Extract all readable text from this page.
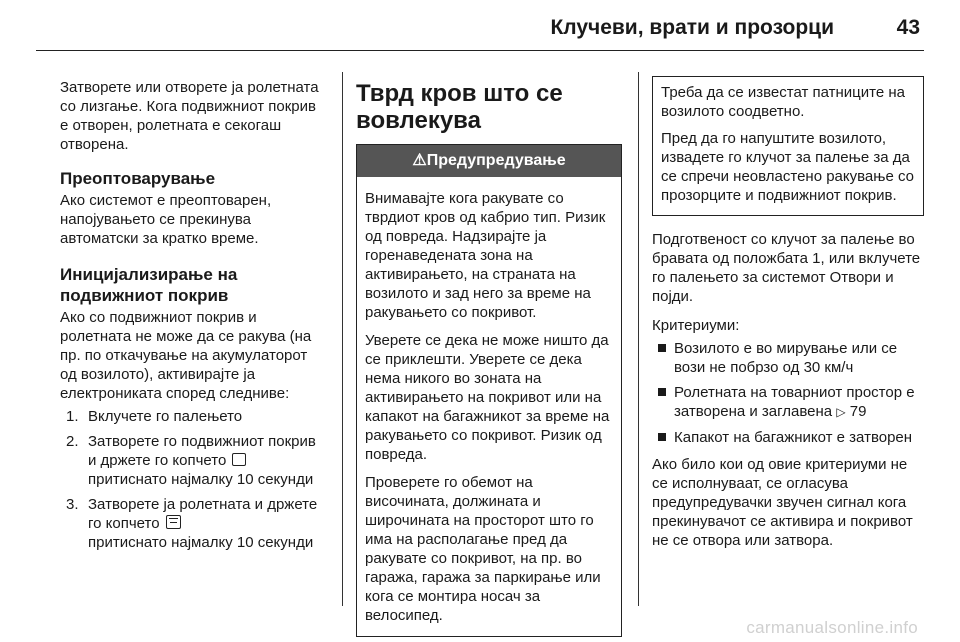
Клучеви, врати и прозорци	43

Затворете или отворете ја ролетната со лизгање. Кога подвижниот покрив е отворен, ролетната е секогаш отворена.

Преоптоварување

Ако системот е преоптоварен, напојувањето се прекинува автоматски за кратко време.

Иницијализирање на подвижниот покрив

Ако со подвижниот покрив и ролетната не може да се ракува (на пр. по откачување на акумулаторот од возилото), активирајте ја електрониката според следниве:

1. Вклучете го палењето
2. Затворете го подвижниот покрив и држете го копчето
притиснато најмалку 10 секунди
3. Затворете ја ролетната и држете го копчето
притиснато најмалку 10 секунди
Тврд кров што се вовлекува
⚠Предупредување

Внимавајте кога ракувате со тврдиот кров од кабрио тип. Ризик од повреда. Надзирајте ја горенаведената зона на активирањето, на страната на возилото и зад него за време на ракувањето со покривот.

Уверете се дека не може ништо да се приклешти. Уверете се дека нема никого во зоната на активирањето на покривот или на капакот на багажникот за време на ракувањето со покривот. Ризик од повреда.

Проверете го обемот на височината, должината и широчината на просторот што го има на располагање пред да ракувате со покривот, на пр. во гаража, гаража за паркирање или кога се монтира носач за велосипед.

Треба да се известат патниците на возилото соодветно.

Пред да го напуштите возилото, извадете го клучот за палење за да се спречи неовластено ракување со прозорците и подвижниот покрив.

Подготвеност со клучот за палење во бравата од положбата 1, или вклучете го палењето за системот Отвори и појди.

Критериуми:

Возилото е во мирување или се вози не побрзо од 30 км/ч
Ролетната на товарниот простор е затворена и заглавена ▷ 79
Капакот на багажникот е затворен

Ако било кои од овие критериуми не се исполнуваат, се огласува предупредувачки звучен сигнал кога прекинувачот се активира и покривот не се отвора или затвора.

carmanualsonline.info
